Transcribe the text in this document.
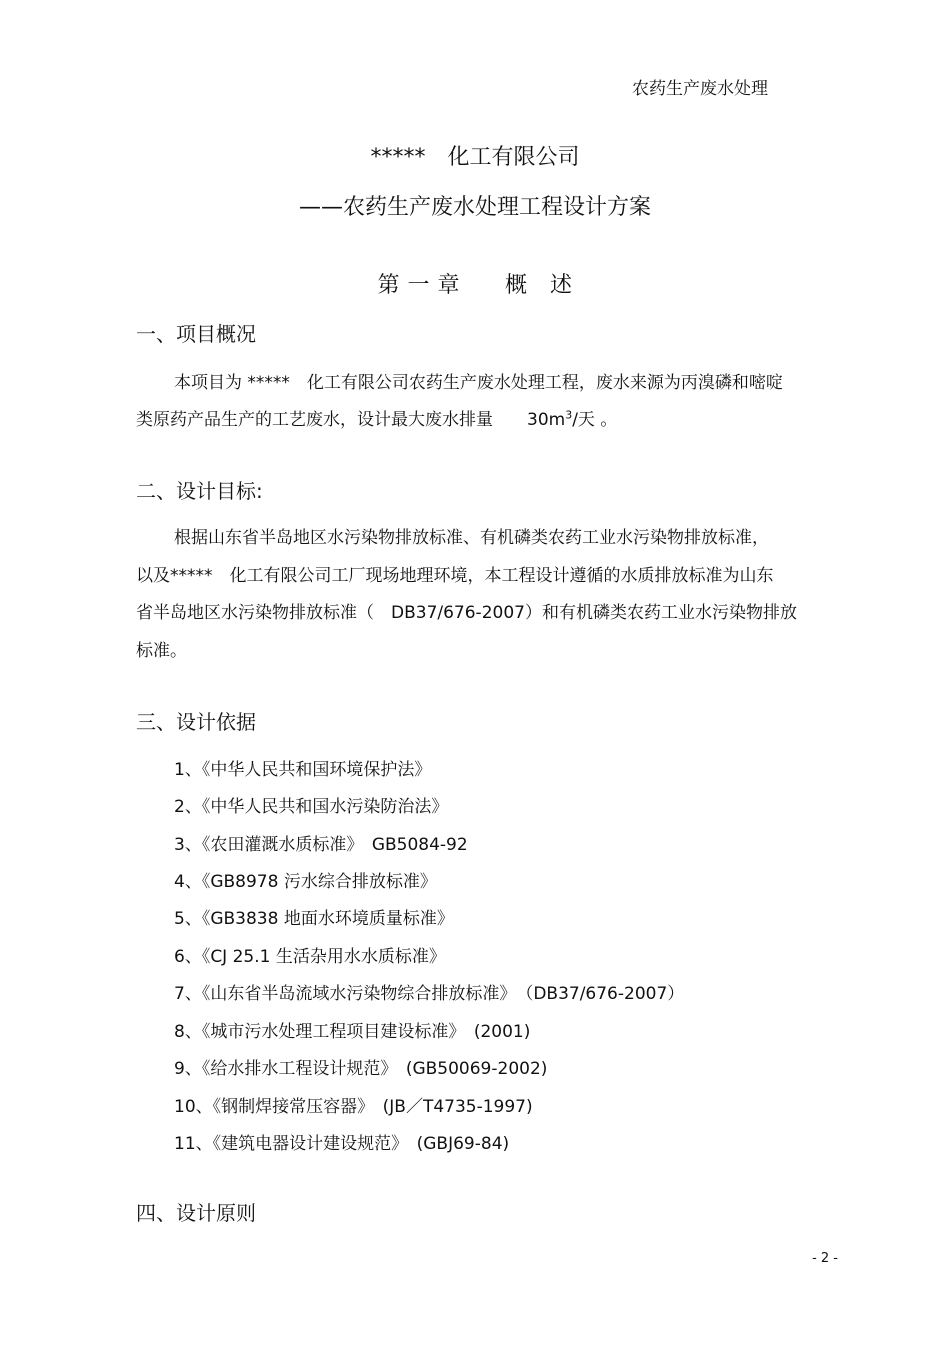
农药生产废水处理
*****　化工有限公司
——农药生产废水处理工程设计方案
第 一 章　　概　述
一、项目概况
本项目为 *****　化工有限公司农药生产废水处理工程，废水来源为丙溴磷和嘧啶
类原药产品生产的工艺废水，设计最大废水排量　　$30m^3/$天 。
二、设计目标:
根据山东省半岛地区水污染物排放标准、有机磷类农药工业水污染物排放标准，
以及*****　化工有限公司工厂现场地理环境，本工程设计遵循的水质排放标准为山东
省半岛地区水污染物排放标准（　DB37/676-2007）和有机磷类农药工业水污染物排放
标准。
三、设计依据
1、《中华人民共和国环境保护法》
2、《中华人民共和国水污染防治法》
3、《农田灌溉水质标准》　GB5084-92
4、《GB8978 污水综合排放标准》
5、《GB3838 地面水环境质量标准》
6、《CJ 25.1 生活杂用水水质标准》
7、《山东省半岛流域水污染物综合排放标准》　（DB37/676-2007）
8、《城市污水处理工程项目建设标准》　(2001)
9、《给水排水工程设计规范》　(GB50069-2002)
10、《钢制焊接常压容器》　(JB／T4735-1997)
11、《建筑电器设计建设规范》　(GBJ69-84)
四、设计原则
- 2 -
